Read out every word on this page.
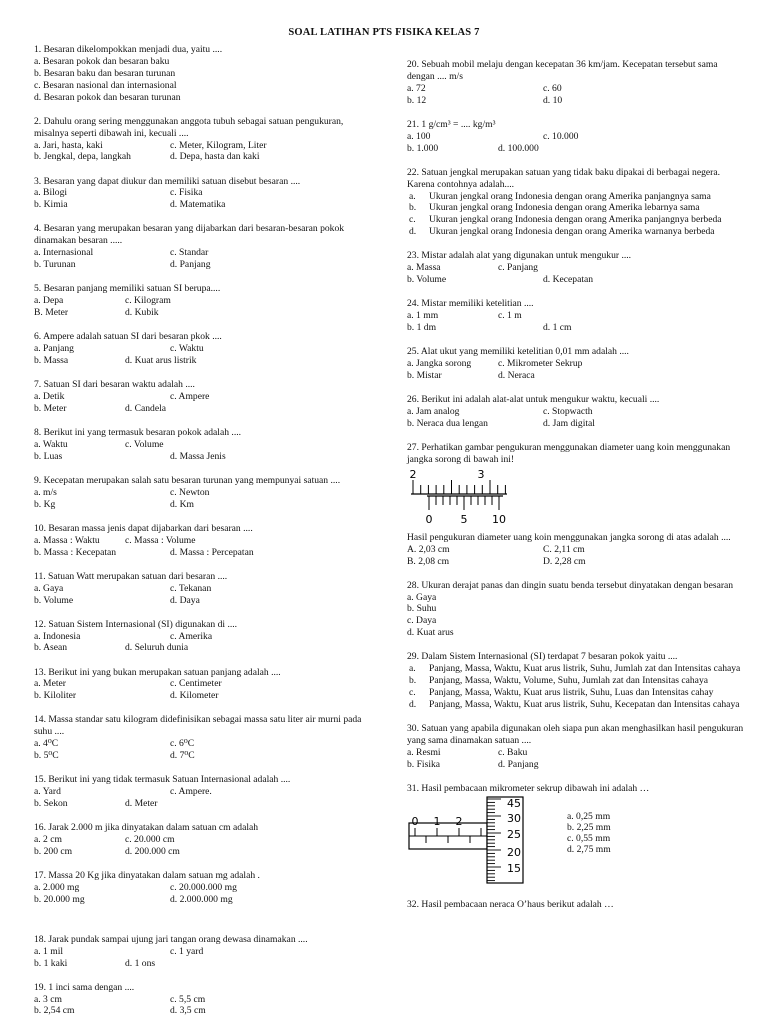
SOAL LATIHAN PTS FISIKA KELAS 7
1. Besaran dikelompokkan menjadi dua, yaitu ....
a. Besaran pokok dan besaran baku
b. Besaran baku dan besaran turunan
c. Besaran nasional dan internasional
d. Besaran pokok dan besaran turunan
2. Dahulu orang sering menggunakan anggota tubuh sebagai satuan pengukuran, misalnya seperti dibawah ini, kecuali ....
a. Jari, hasta, kaki	c. Meter, Kilogram, Liter
b. Jengkal, depa, langkah	d. Depa, hasta dan kaki
3. Besaran yang dapat diukur dan memiliki satuan disebut besaran ....
a. Bilogi	c. Fisika
b. Kimia	d. Matematika
4. Besaran yang merupakan besaran yang dijabarkan dari besaran-besaran pokok dinamakan besaran .....
a. Internasional	c. Standar
b. Turunan	d. Panjang
5. Besaran panjang memiliki satuan SI berupa....
a. Depa	c. Kilogram
B. Meter	d. Kubik
6. Ampere adalah satuan SI dari besaran pkok ....
a. Panjang	c. Waktu
b. Massa	d. Kuat arus listrik
7. Satuan SI dari besaran waktu adalah ....
a. Detik	c. Ampere
b. Meter	d. Candela
8. Berikut ini yang termasuk besaran pokok adalah ....
a. Waktu	c. Volume
b. Luas	d. Massa Jenis
9. Kecepatan merupakan salah satu besaran turunan yang mempunyai satuan ....
a. m/s	c. Newton
b. Kg	d. Km
10. Besaran massa jenis dapat dijabarkan dari besaran ....
a. Massa : Waktu	c. Massa : Volume
b. Massa : Kecepatan	d. Massa : Percepatan
11. Satuan Watt merupakan satuan dari besaran ....
a. Gaya	c. Tekanan
b. Volume	d. Daya
12. Satuan Sistem Internasional (SI) digunakan di ....
a. Indonesia	c. Amerika
b. Asean	d. Seluruh dunia
13. Berikut ini yang bukan merupakan satuan panjang adalah ....
a. Meter	c. Centimeter
b. Kiloliter	d. Kilometer
14. Massa standar satu kilogram didefinisikan sebagai massa satu liter air murni pada suhu ....
a. 4⁰C	c. 6⁰C
b. 5⁰C	d. 7⁰C
15. Berikut ini yang tidak termasuk Satuan Internasional adalah ....
a. Yard	c. Ampere.
b. Sekon	d. Meter
16. Jarak 2.000 m jika dinyatakan dalam satuan cm adalah
a. 2 cm	c. 20.000 cm
b. 200 cm	d. 200.000 cm
17. Massa 20 Kg jika dinyatakan dalam satuan mg adalah .
a. 2.000 mg	c. 20.000.000 mg
b. 20.000 mg	d. 2.000.000 mg
18. Jarak pundak sampai ujung jari tangan orang dewasa dinamakan ....
a. 1 mil	c. 1 yard
b. 1 kaki	d. 1 ons
19. 1 inci sama dengan ....
a. 3 cm	c. 5,5 cm
b. 2,54 cm	d. 3,5 cm
20. Sebuah mobil melaju dengan kecepatan 36 km/jam. Kecepatan tersebut sama dengan .... m/s
a. 72	c. 60
b. 12	d. 10
21. 1 g/cm³ = .... kg/m³
a. 100	c. 10.000
b. 1.000	d. 100.000
22. Satuan jengkal merupakan satuan yang tidak baku dipakai di berbagai negera. Karena contohnya adalah....
a.	Ukuran jengkal orang Indonesia dengan orang Amerika panjangnya sama
b.	Ukuran jengkal orang Indonesia dengan orang Amerika lebarnya sama
c.	Ukuran jengkal orang Indonesia dengan orang Amerika panjangnya berbeda
d.	Ukuran jengkal orang Indonesia dengan orang Amerika warnanya berbeda
23. Mistar adalah alat yang digunakan untuk mengukur ....
a. Massa	c. Panjang
b. Volume	d. Kecepatan
24. Mistar memiliki ketelitian ....
a. 1 mm	c. 1 m
b. 1 dm	d. 1 cm
25. Alat ukut yang memiliki ketelitian 0,01 mm adalah ....
a. Jangka sorong	c. Mikrometer Sekrup
b. Mistar	d. Neraca
26. Berikut ini adalah alat-alat untuk mengukur waktu, kecuali ....
a. Jam analog	c. Stopwacth
b. Neraca dua lengan	d. Jam digital
27. Perhatikan gambar pengukuran menggunakan diameter uang koin menggunakan jangka sorong di bawah ini!
2	3
0	5 10
Hasil pengukuran diameter uang koin menggunakan jangka sorong di atas adalah ....
A. 2,03 cm	C. 2,11 cm
B. 2,08 cm	D. 2,28 cm
28. Ukuran derajat panas dan dingin suatu benda tersebut dinyatakan dengan besaran
a. Gaya
b. Suhu
c. Daya
d. Kuat arus
29. Dalam Sistem Internasional (SI) terdapat 7 besaran pokok yaitu ....
a.	Panjang, Massa, Waktu, Kuat arus listrik, Suhu, Jumlah zat dan Intensitas cahaya
b.	Panjang, Massa, Waktu, Volume, Suhu, Jumlah zat dan Intensitas cahaya
c.	Panjang, Massa, Waktu, Kuat arus listrik, Suhu, Luas dan Intensitas cahay
d.	Panjang, Massa, Waktu, Kuat arus listrik, Suhu, Kecepatan dan Intensitas cahaya
30. Satuan yang apabila digunakan oleh siapa pun akan menghasilkan hasil pengukuran yang sama dinamakan satuan ....
a. Resmi	c. Baku
b. Fisika	d. Panjang
31. Hasil pembacaan mikrometer sekrup dibawah ini adalah …
0 1 2
45
30
25
20
15
a. 0,25 mm
b. 2,25 mm
c. 0,55 mm
d. 2,75 mm
32. Hasil pembacaan neraca O’haus berikut adalah …
